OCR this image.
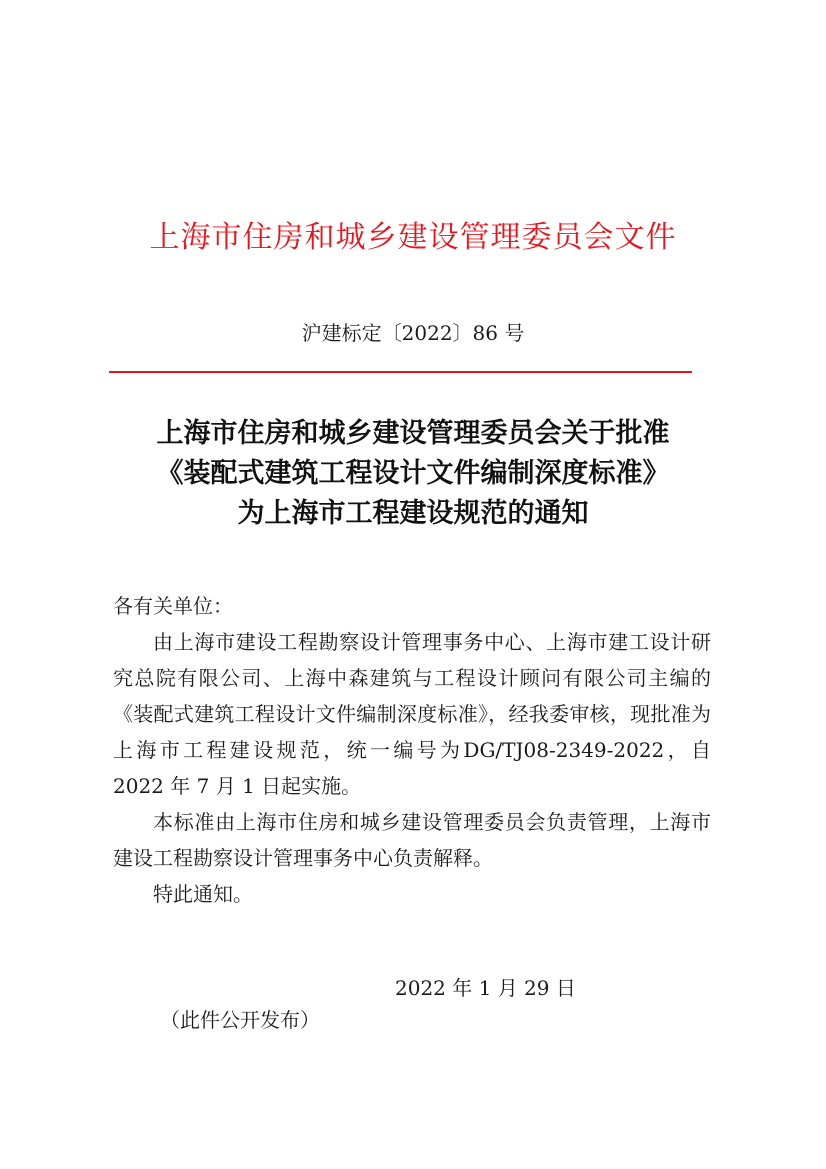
上海市住房和城乡建设管理委员会文件
沪建标定〔2022〕86 号
上海市住房和城乡建设管理委员会关于批准
《装配式建筑工程设计文件编制深度标准》
为上海市工程建设规范的通知

各有关单位：

由上海市建设工程勘察设计管理事务中心、上海市建工设计研究总院有限公司、上海中森建筑与工程设计顾问有限公司主编的《装配式建筑工程设计文件编制深度标准》，经我委审核，现批准为上海市工程建设规范，统一编号为DG/TJ08-2349-2022，自 2022 年 7 月 1 日起实施。

本标准由上海市住房和城乡建设管理委员会负责管理，上海市建设工程勘察设计管理事务中心负责解释。

特此通知。

2022 年 1 月 29 日
（此件公开发布）
